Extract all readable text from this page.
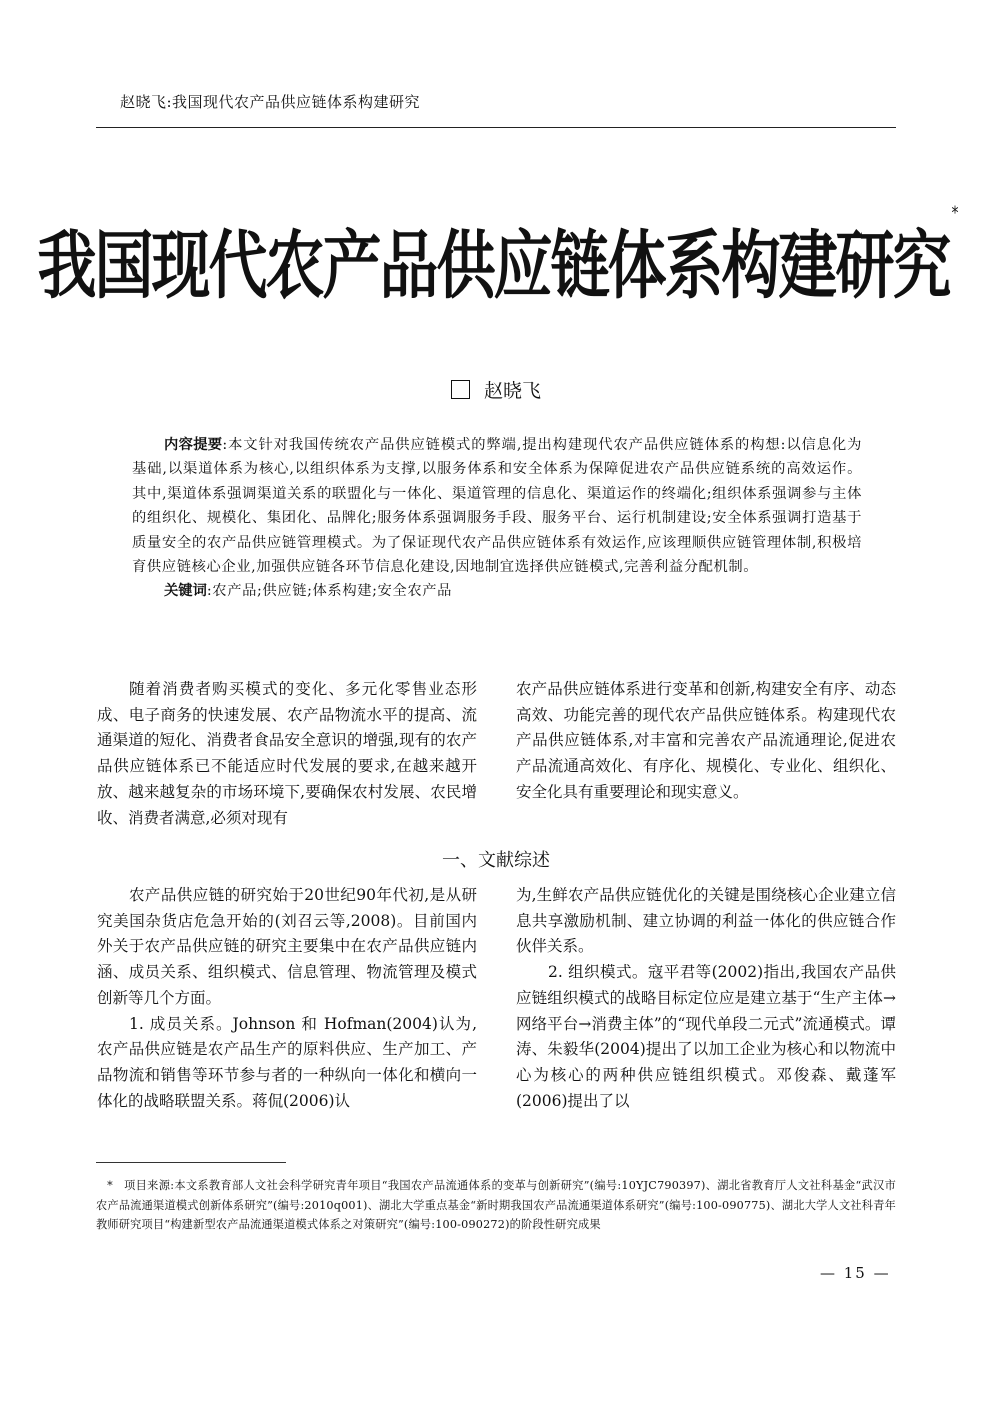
赵晓飞:我国现代农产品供应链体系构建研究
我国现代农产品供应链体系构建研究*
赵晓飞

内容提要:本文针对我国传统农产品供应链模式的弊端,提出构建现代农产品供应链体系的构想:以信息化为基础,以渠道体系为核心,以组织体系为支撑,以服务体系和安全体系为保障促进农产品供应链系统的高效运作。其中,渠道体系强调渠道关系的联盟化与一体化、渠道管理的信息化、渠道运作的终端化;组织体系强调参与主体的组织化、规模化、集团化、品牌化;服务体系强调服务手段、服务平台、运行机制建设;安全体系强调打造基于质量安全的农产品供应链管理模式。为了保证现代农产品供应链体系有效运作,应该理顺供应链管理体制,积极培育供应链核心企业,加强供应链各环节信息化建设,因地制宜选择供应链模式,完善利益分配机制。

关键词:农产品;供应链;体系构建;安全农产品

随着消费者购买模式的变化、多元化零售业态形成、电子商务的快速发展、农产品物流水平的提高、流通渠道的短化、消费者食品安全意识的增强,现有的农产品供应链体系已不能适应时代发展的要求,在越来越开放、越来越复杂的市场环境下,要确保农村发展、农民增收、消费者满意,必须对现有

农产品供应链体系进行变革和创新,构建安全有序、动态高效、功能完善的现代农产品供应链体系。构建现代农产品供应链体系,对丰富和完善农产品流通理论,促进农产品流通高效化、有序化、规模化、专业化、组织化、安全化具有重要理论和现实意义。

一、文献综述

农产品供应链的研究始于20世纪90年代初,是从研究美国杂货店危急开始的(刘召云等,2008)。目前国内外关于农产品供应链的研究主要集中在农产品供应链内涵、成员关系、组织模式、信息管理、物流管理及模式创新等几个方面。

1. 成员关系。Johnson 和 Hofman(2004)认为,农产品供应链是农产品生产的原料供应、生产加工、产品物流和销售等环节参与者的一种纵向一体化和横向一体化的战略联盟关系。蒋侃(2006)认

为,生鲜农产品供应链优化的关键是围绕核心企业建立信息共享激励机制、建立协调的利益一体化的供应链合作伙伴关系。

2. 组织模式。寇平君等(2002)指出,我国农产品供应链组织模式的战略目标定位应是建立基于“生产主体→网络平台→消费主体”的“现代单段二元式”流通模式。谭涛、朱毅华(2004)提出了以加工企业为核心和以物流中心为核心的两种供应链组织模式。邓俊森、戴蓬军(2006)提出了以

* 项目来源:本文系教育部人文社会科学研究青年项目“我国农产品流通体系的变革与创新研究”(编号:10YJC790397)、湖北省教育厅人文社科基金“武汉市农产品流通渠道模式创新体系研究”(编号:2010q001)、湖北大学重点基金“新时期我国农产品流通渠道体系研究”(编号:100-090775)、湖北大学人文社科青年教师研究项目“构建新型农产品流通渠道模式体系之对策研究”(编号:100-090272)的阶段性研究成果
— 15 —
